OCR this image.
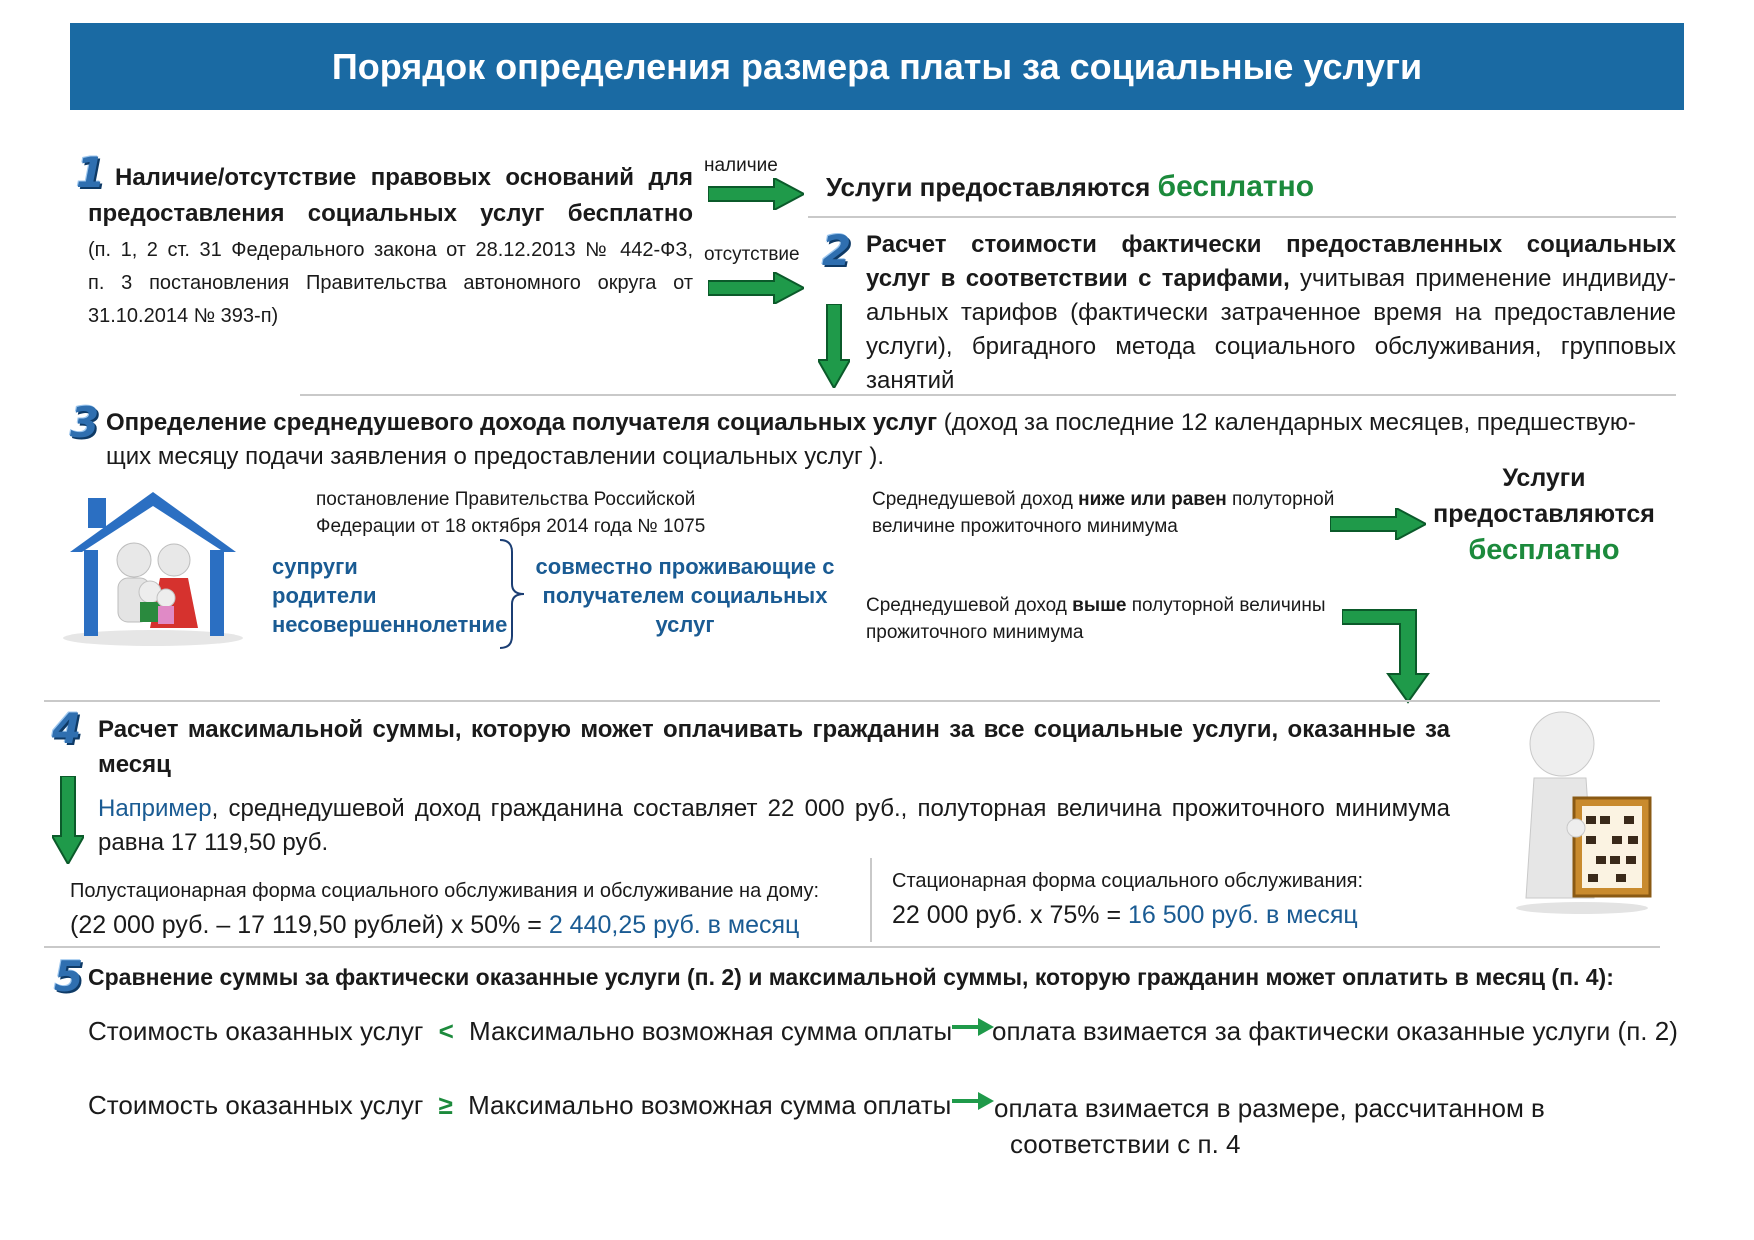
Порядок определения размера платы за социальные услуги
1 Наличие/отсутствие правовых оснований для
предоставления социальных услуг бесплатно
(п. 1, 2 ст. 31 Федерального закона от 28.12.2013 № 442-ФЗ,
п. 3 постановления Правительства автономного округа от
31.10.2014 № 393-п)
наличие
отсутствие
Услуги предоставляются бесплатно
2 Расчет стоимости фактически предоставленных социальных
услуг в соответствии с тарифами, учитывая применение индивиду-
альных тарифов (фактически затраченное время на предоставление
услуги), бригадного метода социального обслуживания, групповых
занятий
3 Определение среднедушевого дохода получателя социальных услуг (доход за последние 12 календарных месяцев, предшествую-
щих месяцу подачи заявления о предоставлении социальных услуг ).
постановление Правительства Российской
Федерации от 18 октября 2014 года № 1075
супруги
родители
несовершеннолетние
совместно проживающие с
получателем социальных
услуг
Среднедушевой доход ниже или равен полуторной
величине прожиточного минимума
Услуги
предоставляются
бесплатно
Среднедушевой доход выше полуторной величины
прожиточного минимума
4 Расчет максимальной суммы, которую может оплачивать гражданин за все социальные услуги, оказанные за
месяц
Например, среднедушевой доход гражданина составляет 22 000 руб., полуторная величина прожиточного минимума
равна 17 119,50 руб.
Полустационарная форма социального обслуживания и обслуживание на дому:
(22 000 руб. – 17 119,50 рублей) х 50% = 2 440,25 руб. в месяц
Стационарная форма социального обслуживания:
22 000 руб. х 75% = 16 500 руб. в месяц
5 Сравнение суммы за фактически оказанные услуги (п. 2) и максимальной суммы, которую гражданин может оплатить в месяц (п. 4):
Стоимость оказанных услуг < Максимально возможная сумма оплаты оплата взимается за фактически оказанные услуги (п. 2)
Стоимость оказанных услуг ≥ Максимально возможная сумма оплаты оплата взимается в размере, рассчитанном в
соответствии с п. 4
